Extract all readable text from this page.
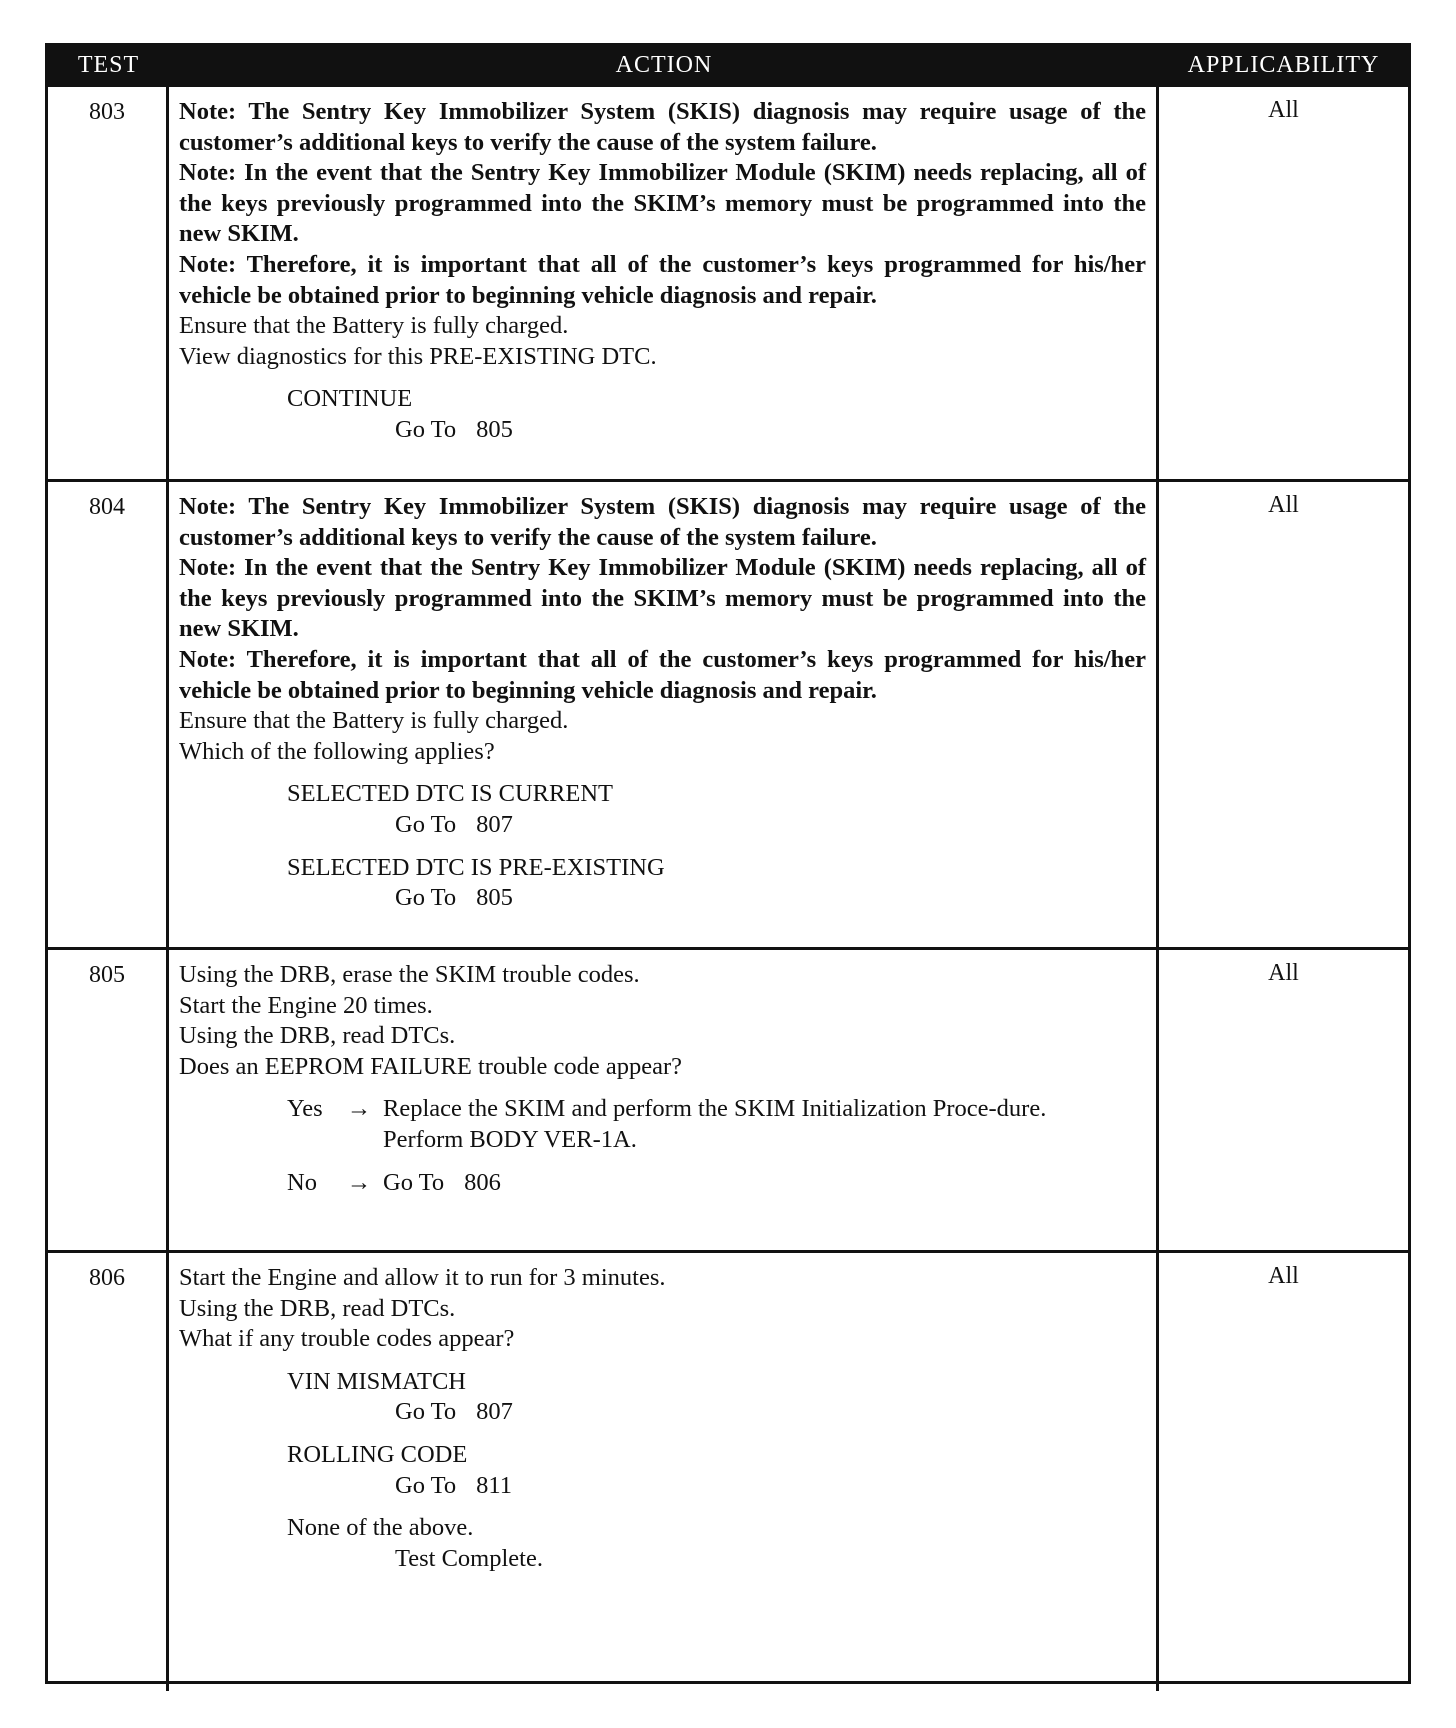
TEST	ACTION	APPLICABILITY
803	Note: The Sentry Key Immobilizer System (SKIS) diagnosis may require usage of the customer’s additional keys to verify the cause of the system failure.
Note: In the event that the Sentry Key Immobilizer Module (SKIM) needs replacing, all of the keys previously programmed into the SKIM’s memory must be programmed into the new SKIM.
Note: Therefore, it is important that all of the customer’s keys programmed for his/her vehicle be obtained prior to beginning vehicle diagnosis and repair.
Ensure that the Battery is fully charged.
View diagnostics for this PRE-EXISTING DTC.
CONTINUE
Go To 805
All
804	Note: The Sentry Key Immobilizer System (SKIS) diagnosis may require usage of the customer’s additional keys to verify the cause of the system failure.
Note: In the event that the Sentry Key Immobilizer Module (SKIM) needs replacing, all of the keys previously programmed into the SKIM’s memory must be programmed into the new SKIM.
Note: Therefore, it is important that all of the customer’s keys programmed for his/her vehicle be obtained prior to beginning vehicle diagnosis and repair.
Ensure that the Battery is fully charged.
Which of the following applies?
SELECTED DTC IS CURRENT
Go To 807
SELECTED DTC IS PRE-EXISTING
Go To 805
All
805	Using the DRB, erase the SKIM trouble codes.
Start the Engine 20 times.
Using the DRB, read DTCs.
Does an EEPROM FAILURE trouble code appear?
Yes → Replace the SKIM and perform the SKIM Initialization Proce-dure.
Perform BODY VER-1A.
No	→ Go To 806
All
806	Start the Engine and allow it to run for 3 minutes.
Using the DRB, read DTCs.
What if any trouble codes appear?
VIN MISMATCH
Go To 807
ROLLING CODE
Go To 811
None of the above.
Test Complete.
All
